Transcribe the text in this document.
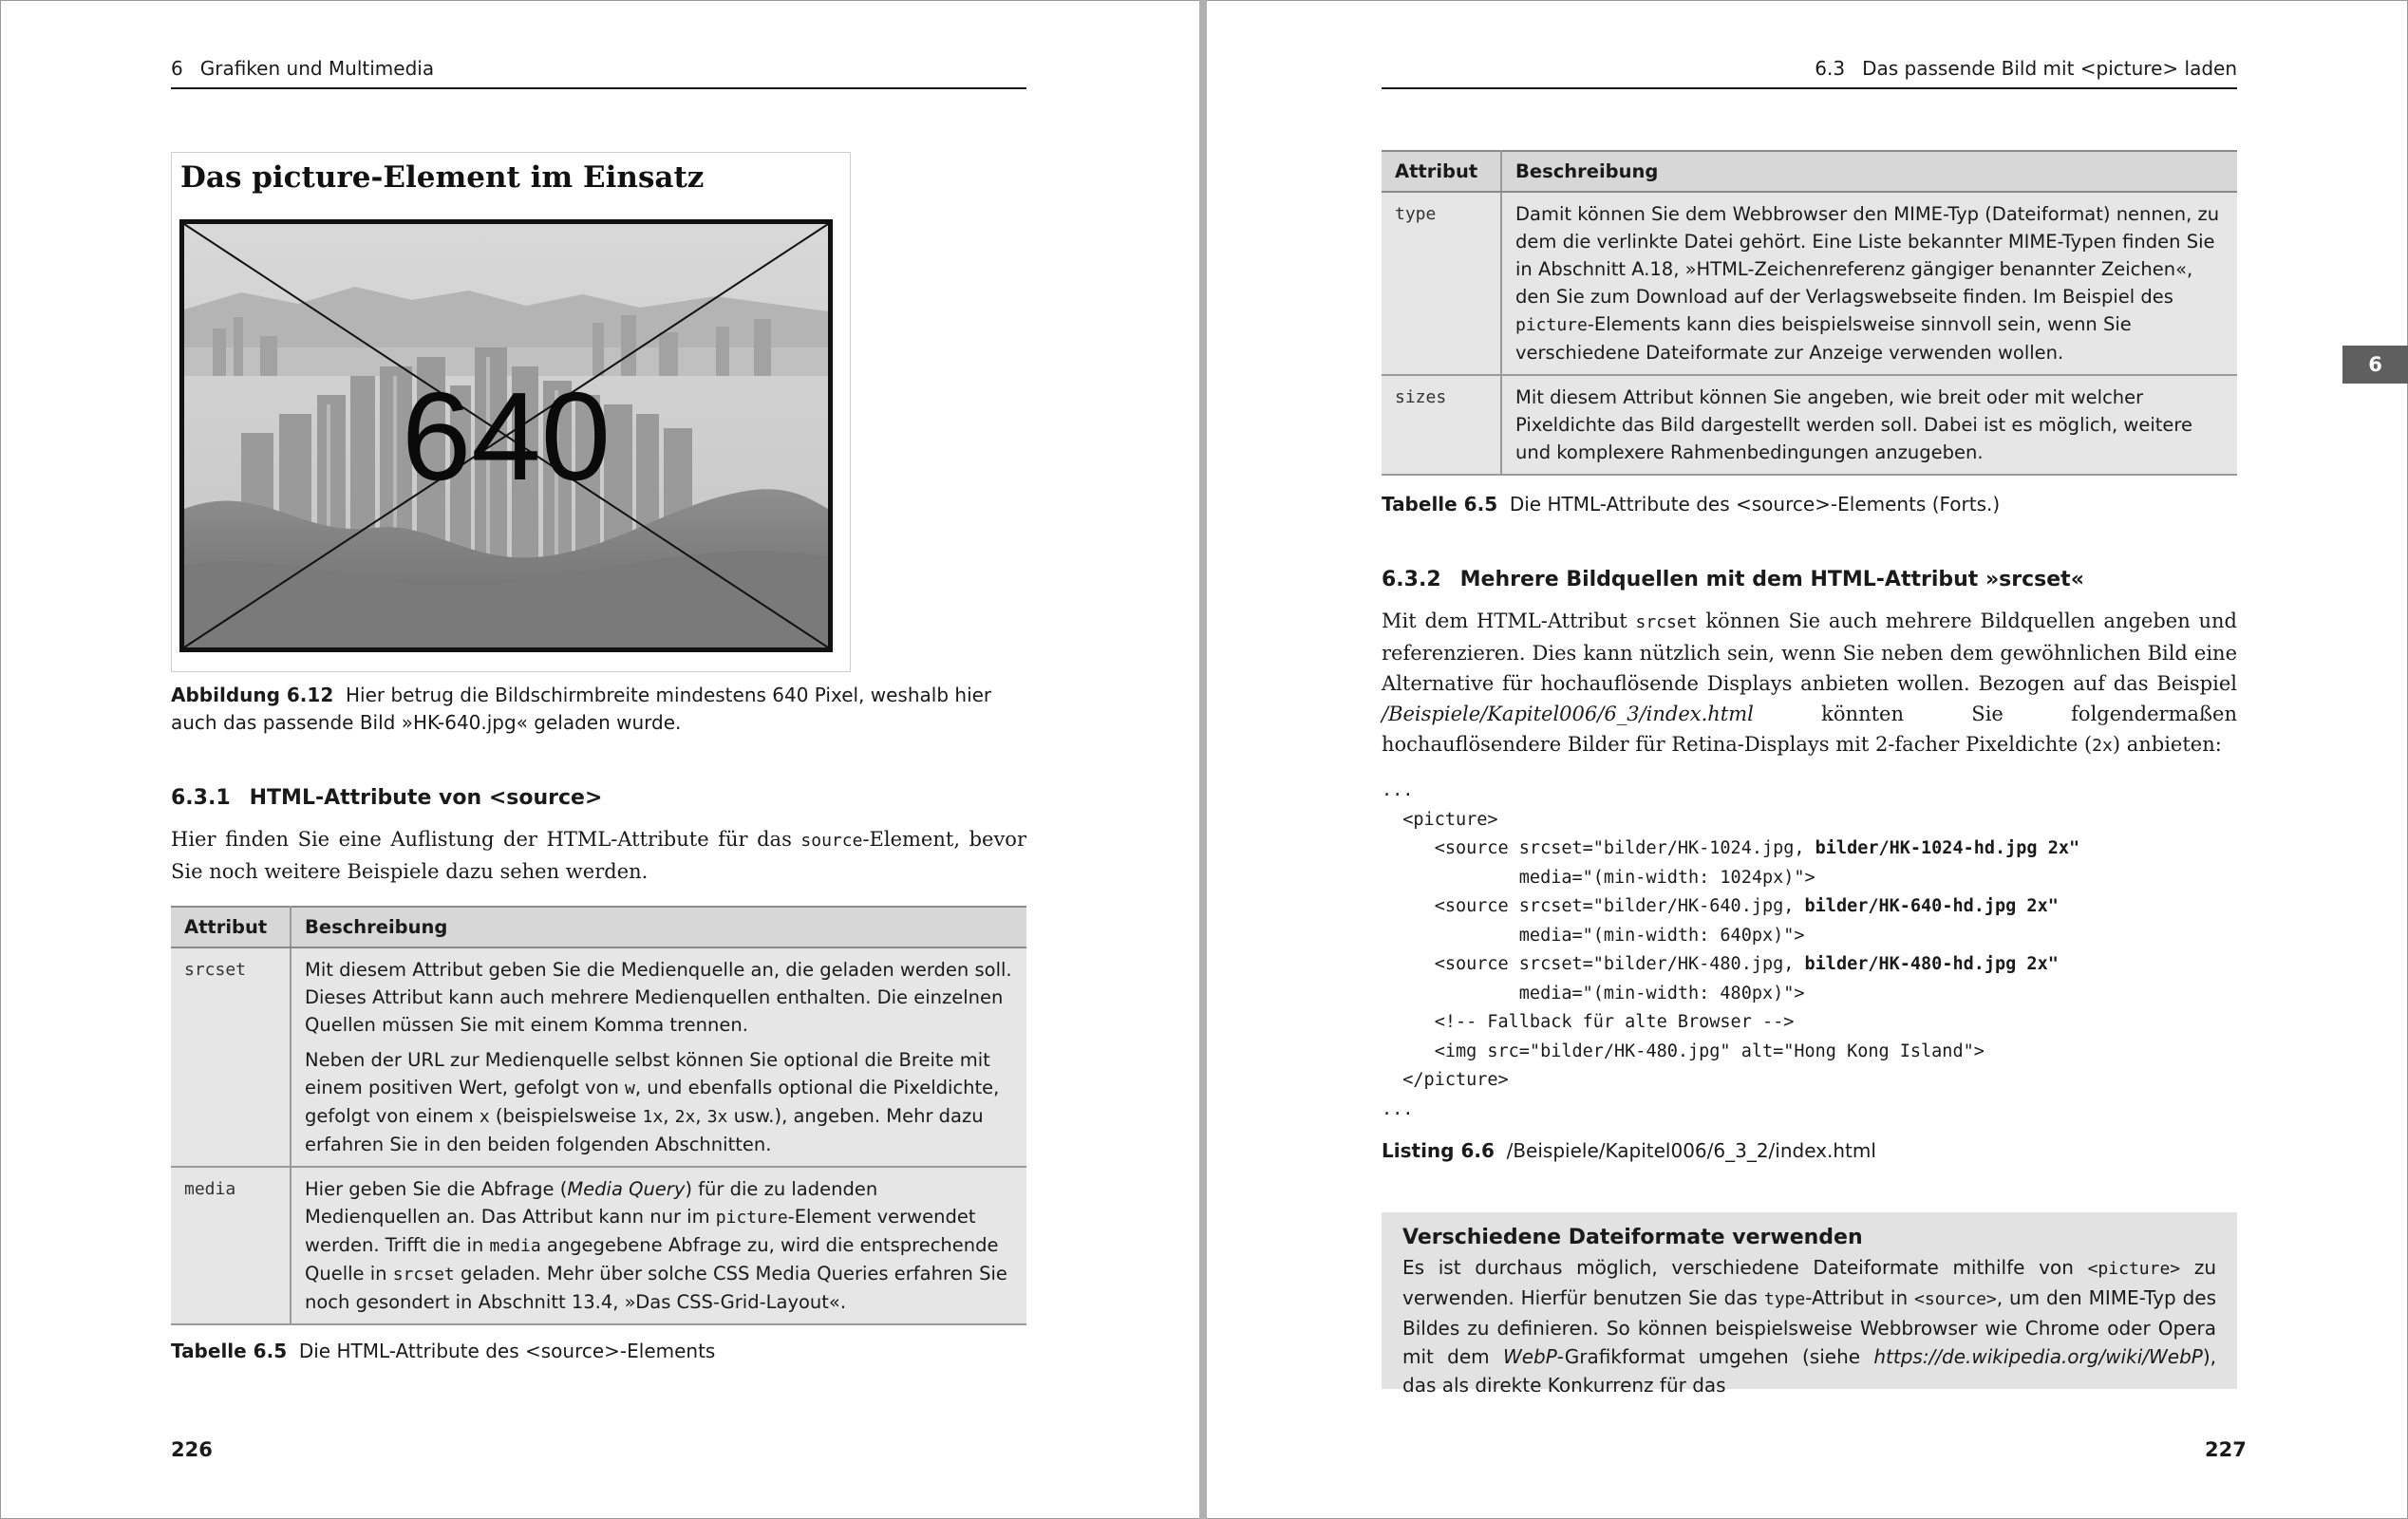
6 Grafiken und Multimedia
Das picture-Element im Einsatz
640
Abbildung 6.12 Hier betrug die Bildschirmbreite mindestens 640 Pixel, weshalb hier
auch das passende Bild »HK-640.jpg« geladen wurde.
6.3.1 HTML-Attribute von <source>
Hier finden Sie eine Auflistung der HTML-Attribute für das source-Element, bevor Sie noch weitere Beispiele dazu sehen werden.
Attribut	Beschreibung
srcset	Mit diesem Attribut geben Sie die Medienquelle an, die geladen werden soll. Dieses Attribut kann auch mehrere Medienquellen enthalten. Die einzelnen Quellen müssen Sie mit einem Komma trennen.

Neben der URL zur Medienquelle selbst können Sie optional die Breite mit einem positiven Wert, gefolgt von w, und ebenfalls optional die Pixeldichte, gefolgt von einem x (beispielsweise 1x, 2x, 3x usw.), angeben. Mehr dazu erfahren Sie in den beiden folgenden Abschnitten.

media	Hier geben Sie die Abfrage (Media Query) für die zu ladenden Medienquellen an. Das Attribut kann nur im picture-Element verwendet werden. Trifft die in media angegebene Abfrage zu, wird die entsprechende Quelle in srcset geladen. Mehr über solche CSS Media Queries erfahren Sie noch gesondert in Abschnitt 13.4, »Das CSS-Grid-Layout«.
Tabelle 6.5 Die HTML-Attribute des <source>-Elements
226
6.3 Das passende Bild mit <picture> laden
6
Attribut	Beschreibung
type	Damit können Sie dem Webbrowser den MIME-Typ (Dateiformat) nennen, zu dem die verlinkte Datei gehört. Eine Liste bekannter MIME-Typen finden Sie in Abschnitt A.18, »HTML-Zeichenreferenz gängiger benannter Zeichen«, den Sie zum Download auf der Verlagswebseite finden. Im Beispiel des picture-Elements kann dies beispielsweise sinnvoll sein, wenn Sie verschiedene Dateiformate zur Anzeige verwenden wollen.
sizes	Mit diesem Attribut können Sie angeben, wie breit oder mit welcher Pixeldichte das Bild dargestellt werden soll. Dabei ist es möglich, weitere und komplexere Rahmenbedingungen anzugeben.
Tabelle 6.5 Die HTML-Attribute des <source>-Elements (Forts.)
6.3.2 Mehrere Bildquellen mit dem HTML-Attribut »srcset«
Mit dem HTML-Attribut srcset können Sie auch mehrere Bildquellen angeben und referenzieren. Dies kann nützlich sein, wenn Sie neben dem gewöhnlichen Bild eine Alternative für hochauflösende Displays anbieten wollen. Bezogen auf das Beispiel /Beispiele/Kapitel006/6_3/index.html könnten Sie folgendermaßen hochauflösendere Bilder für Retina-Displays mit 2-facher Pixeldichte (2x) anbieten:
...
<picture>
<source srcset="bilder/HK-1024.jpg, bilder/HK-1024-hd.jpg 2x"
media="(min-width: 1024px)">
<source srcset="bilder/HK-640.jpg, bilder/HK-640-hd.jpg 2x"
media="(min-width: 640px)">
<source srcset="bilder/HK-480.jpg, bilder/HK-480-hd.jpg 2x"
media="(min-width: 480px)">
<!-- Fallback für alte Browser -->
<img src="bilder/HK-480.jpg" alt="Hong Kong Island">
</picture>
...
Listing 6.6 /Beispiele/Kapitel006/6_3_2/index.html
Verschiedene Dateiformate verwenden
Es ist durchaus möglich, verschiedene Dateiformate mithilfe von <picture> zu verwenden. Hierfür benutzen Sie das type-Attribut in <source>, um den MIME-Typ des Bildes zu definieren. So können beispielsweise Webbrowser wie Chrome oder Opera mit dem WebP-Grafikformat umgehen (siehe https://de.wikipedia.org/wiki/WebP), das als direkte Konkurrenz für das
227
